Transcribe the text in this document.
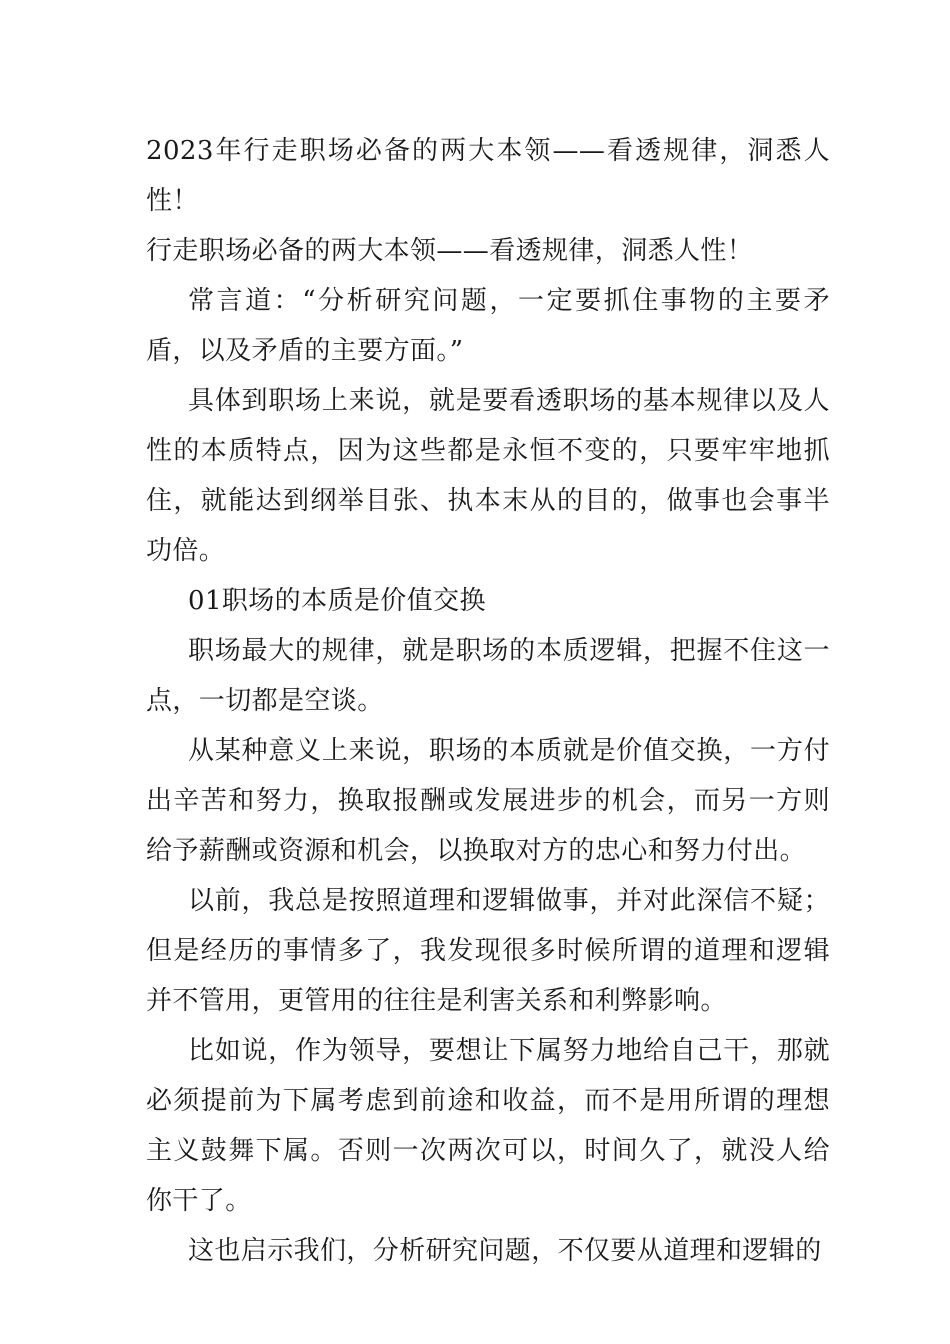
2023年行走职场必备的两大本领——看透规律，洞悉人性！

行走职场必备的两大本领——看透规律，洞悉人性！

常言道：“分析研究问题，一定要抓住事物的主要矛盾，以及矛盾的主要方面。”

具体到职场上来说，就是要看透职场的基本规律以及人性的本质特点，因为这些都是永恒不变的，只要牢牢地抓住，就能达到纲举目张、执本末从的目的，做事也会事半功倍。

01职场的本质是价值交换

职场最大的规律，就是职场的本质逻辑，把握不住这一点，一切都是空谈。

从某种意义上来说，职场的本质就是价值交换，一方付出辛苦和努力，换取报酬或发展进步的机会，而另一方则给予薪酬或资源和机会，以换取对方的忠心和努力付出。

以前，我总是按照道理和逻辑做事，并对此深信不疑；但是经历的事情多了，我发现很多时候所谓的道理和逻辑并不管用，更管用的往往是利害关系和利弊影响。

比如说，作为领导，要想让下属努力地给自己干，那就必须提前为下属考虑到前途和收益，而不是用所谓的理想主义鼓舞下属。否则一次两次可以，时间久了，就没人给你干了。

这也启示我们，分析研究问题，不仅要从道理和逻辑的
